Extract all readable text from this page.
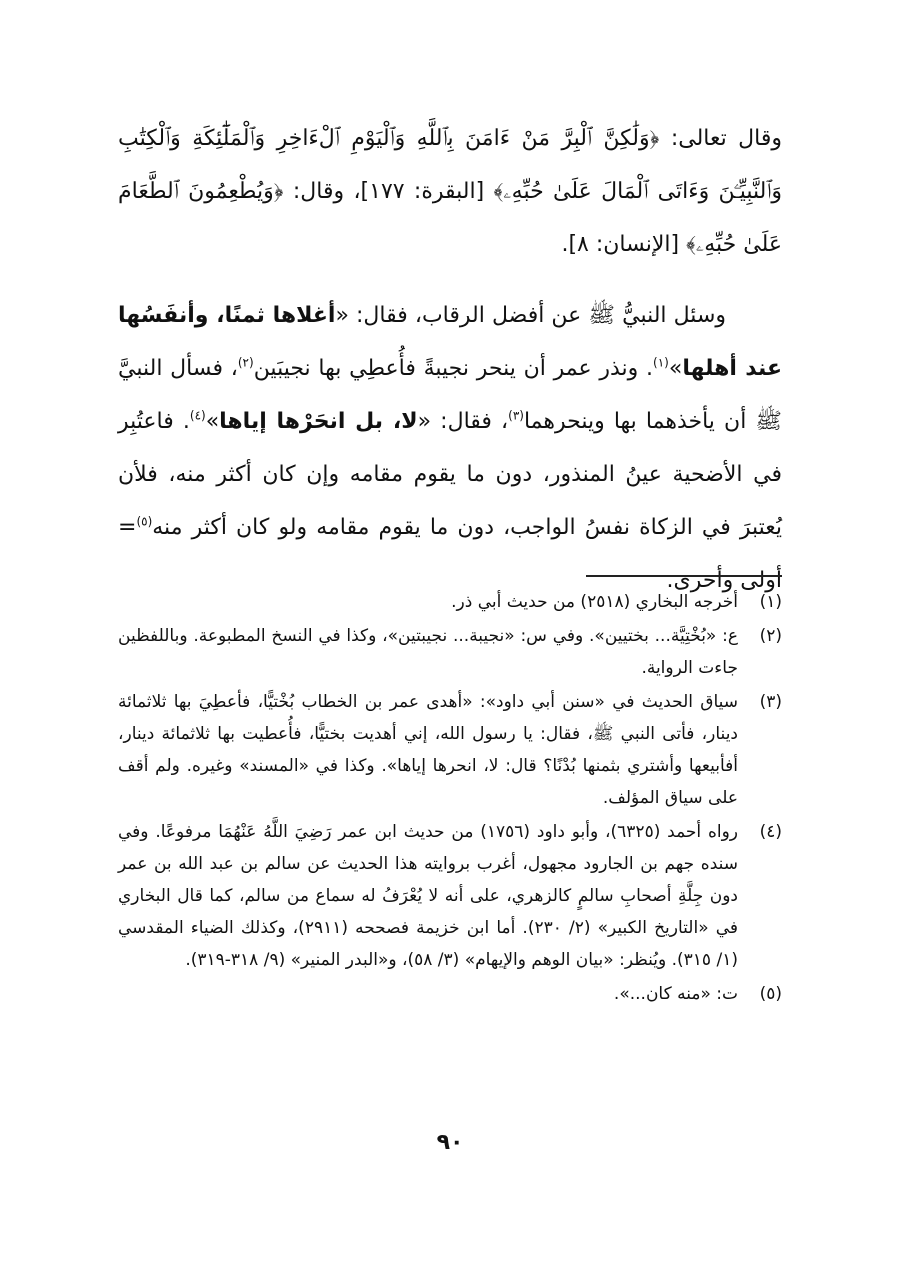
وقال تعالى: ﴿وَلَٰكِنَّ ٱلْبِرَّ مَنْ ءَامَنَ بِٱللَّهِ وَٱلْيَوْمِ ٱلْءَاخِرِ وَٱلْمَلَٰٓئِكَةِ وَٱلْكِتَٰبِ وَٱلنَّبِيِّـۧنَ وَءَاتَى ٱلْمَالَ عَلَىٰ حُبِّهِۦ﴾ [البقرة: ١٧٧]، وقال: ﴿وَيُطْعِمُونَ ٱلطَّعَامَ عَلَىٰ حُبِّهِۦ﴾ [الإنسان: ٨].

وسئل النبيُّ ﷺ عن أفضل الرقاب، فقال: «أغلاها ثمنًا، وأنفَسُها عند أهلها»$^{(١)}$. ونذر عمر أن ينحر نجيبةً فأُعطِي بها نجيبَين$^{(٢)}$، فسأل النبيَّ ﷺ أن يأخذهما بها وينحرهما$^{(٣)}$، فقال: «لا، بل انحَرْها إياها»$^{(٤)}$. فاعتُبِر في الأضحية عينُ المنذور، دون ما يقوم مقامه وإن كان أكثر منه، فلأن يُعتبرَ في الزكاة نفسُ الواجب، دون ما يقوم مقامه ولو كان أكثر منه$^{(٥)}$= أولى وأحرى.

(١)
أخرجه البخاري (٢٥١٨) من حديث أبي ذر.
(٢)
ع: «بُخْتِيَّة... بختيين». وفي س: «نجيبة... نجيبتين»، وكذا في النسخ المطبوعة. وباللفظين جاءت الرواية.
(٣)
سياق الحديث في «سنن أبي داود»: «أهدى عمر بن الخطاب بُخْتيًّا، فأعطِيَ بها ثلاثمائة دينار، فأتى النبي ﷺ، فقال: يا رسول الله، إني أهديت بختيًّا، فأُعطيت بها ثلاثمائة دينار، أفأبيعها وأشتري بثمنها بُدْنًا؟ قال: لا، انحرها إياها». وكذا في «المسند» وغيره. ولم أقف على سياق المؤلف.
(٤)
رواه أحمد (٦٣٢٥)، وأبو داود (١٧٥٦) من حديث ابن عمر رَضِيَ اللَّهُ عَنْهُمَا مرفوعًا. وفي سنده جهم بن الجارود مجهول، أغرب بروايته هذا الحديث عن سالم بن عبد الله بن عمر دون جِلَّةِ أصحابِ سالمٍ كالزهري، على أنه لا يُعْرَفُ له سماع من سالم، كما قال البخاري في «التاريخ الكبير» (٢/ ٢٣٠). أما ابن خزيمة فصححه (٢٩١١)، وكذلك الضياء المقدسي (١/ ٣١٥). ويُنظر: «بيان الوهم والإيهام» (٣/ ٥٨)، و«البدر المنير» (٩/ ٣١٨-٣١٩).
(٥)
ت: «منه كان...».
٩٠
